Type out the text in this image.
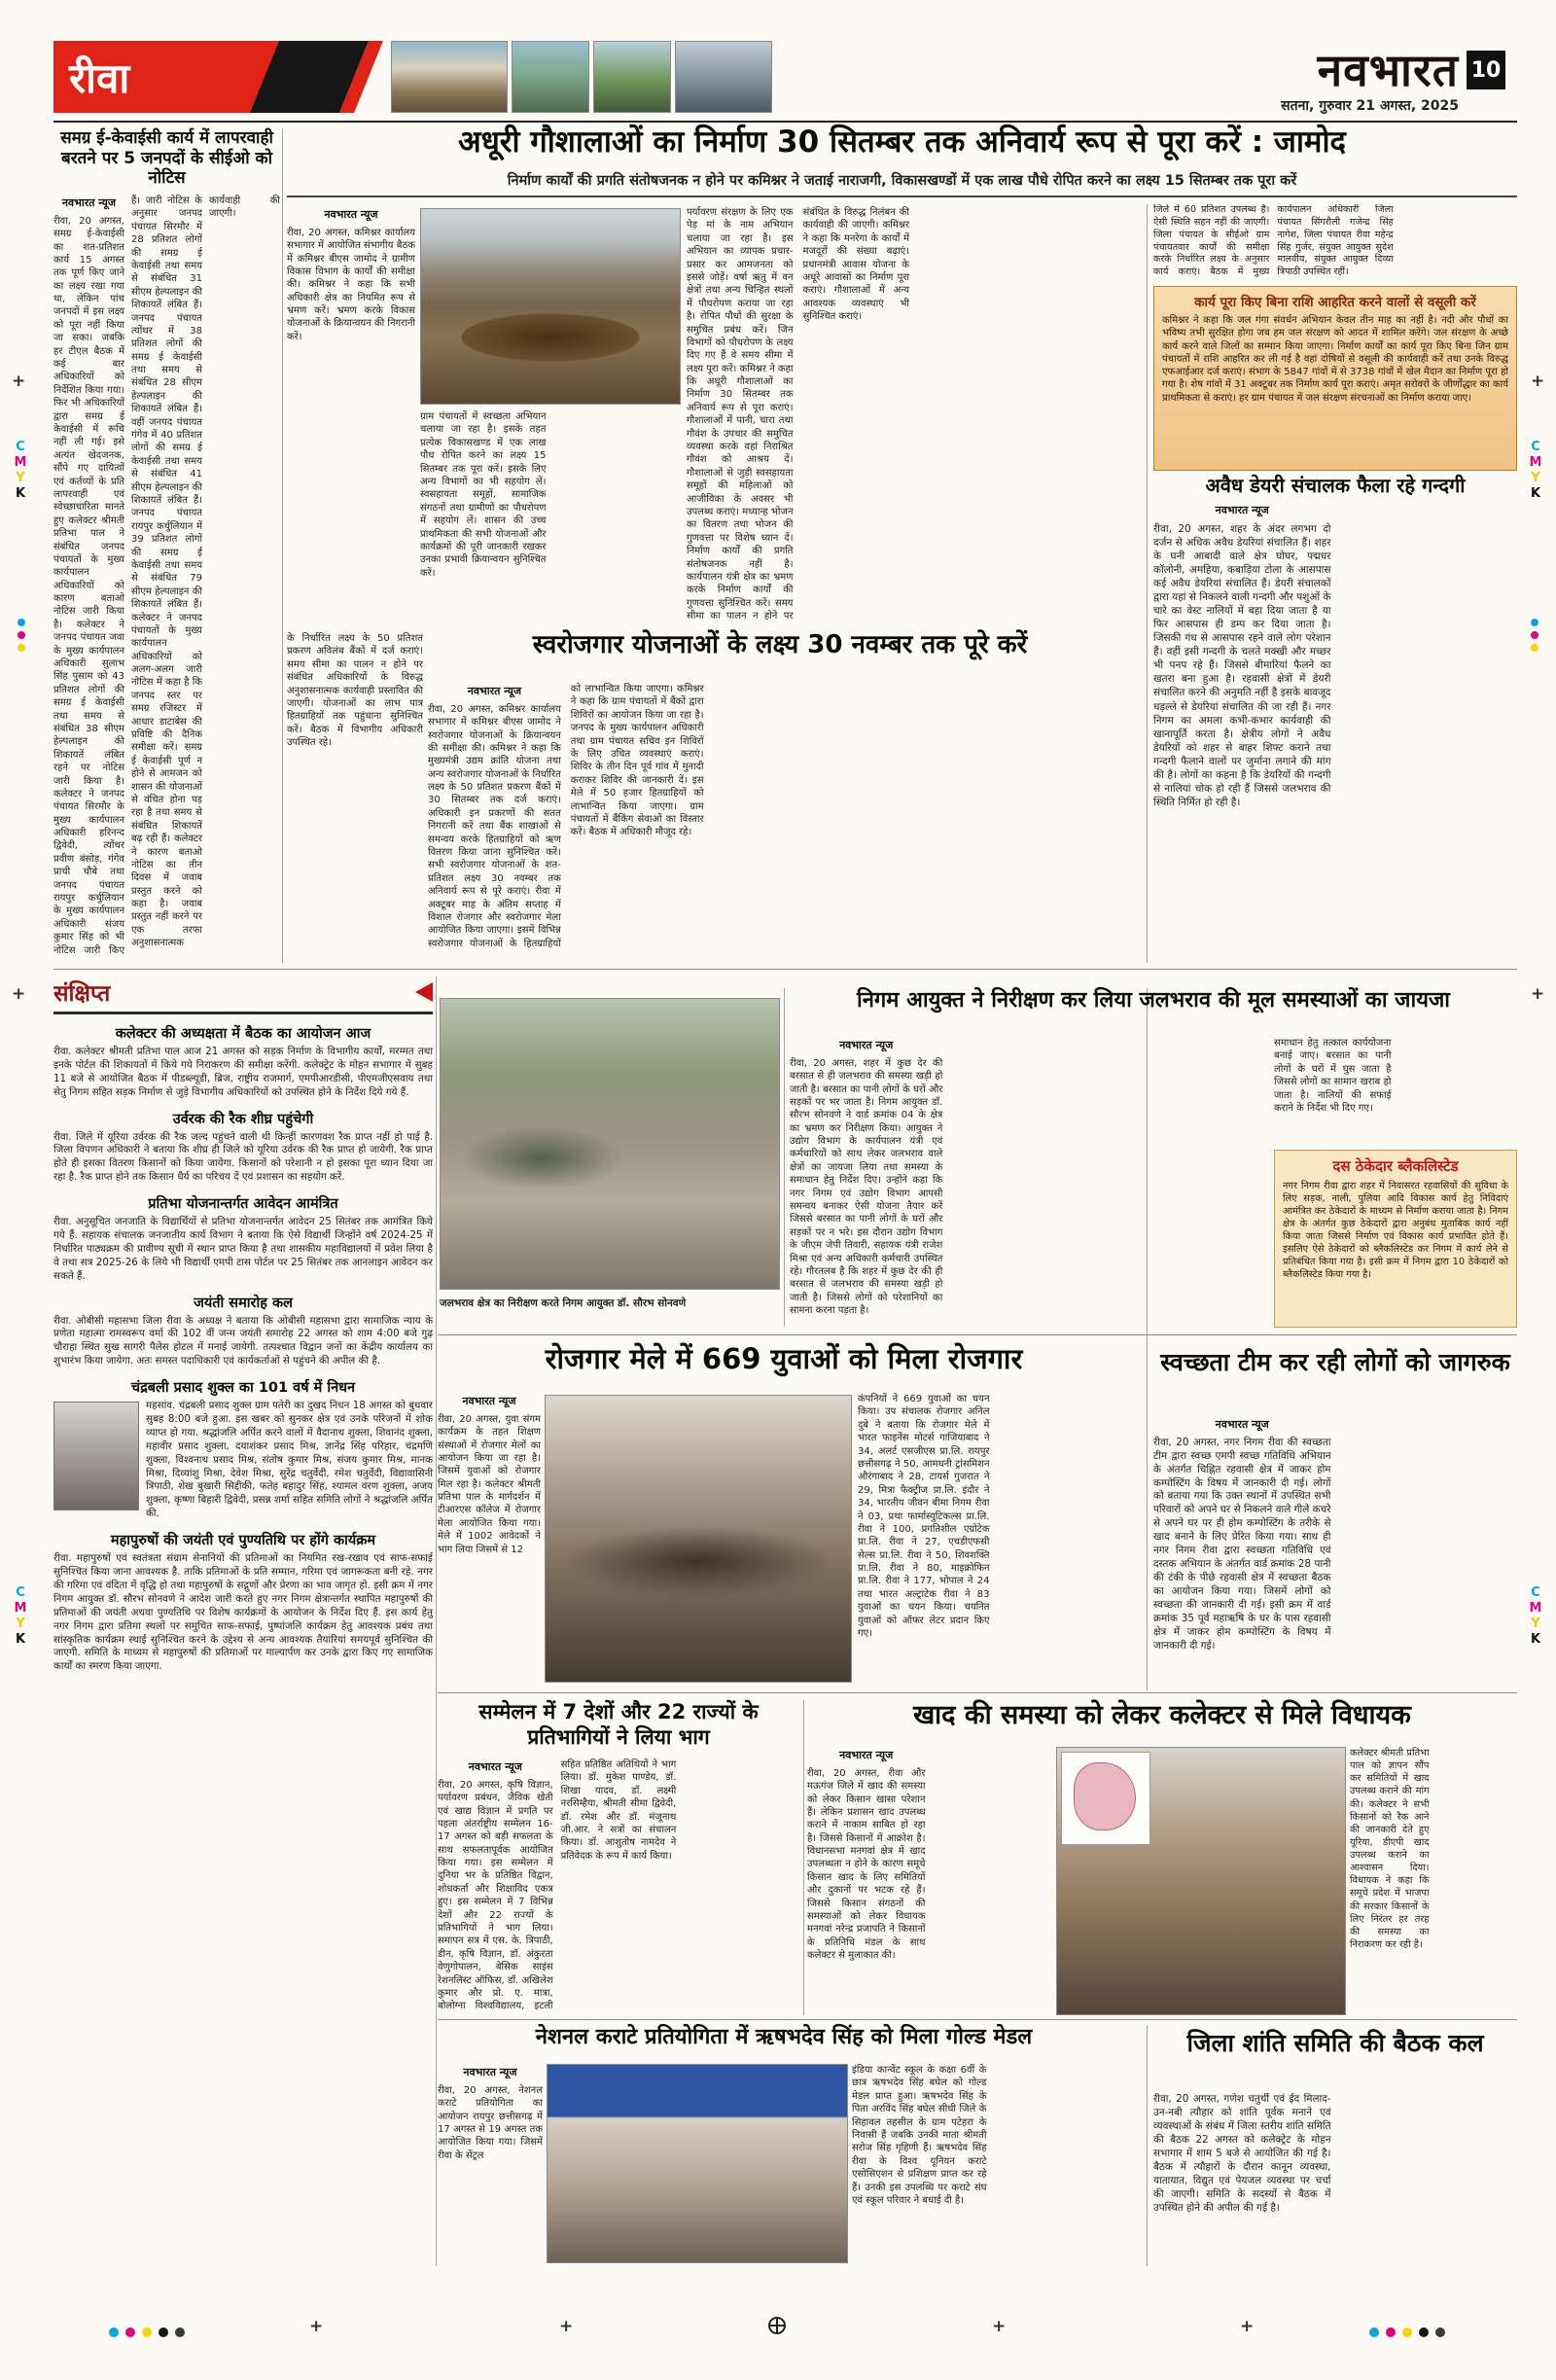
C
M
Y
K
C
M
Y
K
C
M
Y
K
C
M
Y
K
+	+
+	+
रीवा	नवभारत 10
सतना, गुरुवार 21 अगस्त, 2025
समग्र ई-केवाईसी कार्य में लापरवाही बरतने पर 5 जनपदों के सीईओ को नोटिस
नवभारत न्यूज
रीवा, 20 अगस्त, समग्र ई-केवाईसी का शत-प्रतिशत कार्य 15 अगस्त तक पूर्ण किए जाने का लक्ष्य रखा गया था, लेकिन पांच जनपदों में इस लक्ष्य को पूरा नहीं किया जा सका। जबकि हर टीएल बैठक में कई बार अधिकारियों को निर्देशित किया गया। फिर भी अधिकारियों द्वारा समग्र ई केवाईसी में रूचि नहीं ली गई। इसे अत्यंत खेदजनक, सौंपे गए दायित्वों एवं कर्तव्यों के प्रति लापरवाही एवं स्वेच्छाचारिता मानते हुए कलेक्टर श्रीमती प्रतिभा पाल ने संबंधित जनपद पंचायतों के मुख्य कार्यपालन अधिकारियों को कारण बताओ नोटिस जारी किया है। कलेक्टर ने जनपद पंचायत जवा के मुख्य कार्यपालन अधिकारी सुलाभ सिंह पुसाम को 43 प्रतिशत लोगों की समग्र ई केवाईसी तथा समय से संबंधित 38 सीएम हेल्पलाइन की शिकायतें लंबित रहने पर नोटिस जारी किया है। कलेक्टर ने जनपद पंचायत सिरमौर के मुख्य कार्यपालन अधिकारी हरिनन्द द्विवेदी, त्योंथर प्रवीण बंसोड़, गंगेव प्राची चौबे तथा जनपद पंचायत रायपुर कर्चुलियान के मुख्य कार्यपालन अधिकारी संजय कुमार सिंह को भी नोटिस जारी किए हैं। जारी नोटिस के अनुसार जनपद पंचायत सिरमौर में 28 प्रतिशत लोगों की समग्र ई केवाईसी तथा समय से संबंधित 31 सीएम हेल्पलाइन की शिकायतें लंबित हैं। जनपद पंचायत त्योंथर में 38 प्रतिशत लोगों की समग्र ई केवाईसी तथा समय से संबंधित 28 सीएम हेल्पलाइन की शिकायतें लंबित हैं। वहीं जनपद पंचायत गंगेव में 40 प्रतिशत लोगों की समग्र ई केवाईसी तथा समय से संबंधित 41 सीएम हेल्पलाइन की शिकायतें लंबित हैं। जनपद पंचायत रायपुर कर्चुलियान में 39 प्रतिशत लोगों की समग्र ई केवाईसी तथा समय से संबंधित 79 सीएम हेल्पलाइन की शिकायतें लंबित हैं। कलेक्टर ने जनपद पंचायतों के मुख्य कार्यपालन अधिकारियों को अलग-अलग जारी नोटिस में कहा है कि जनपद स्तर पर समग्र रजिस्टर में आधार डाटाबेस की प्रविष्टि की दैनिक समीक्षा करें। समग्र ई केवाईसी पूर्ण न होने से आमजन को शासन की योजनाओं से वंचित होना पड़ रहा है तथा समय से संबंधित शिकायतें बढ़ रही हैं। कलेक्टर ने कारण बताओ नोटिस का तीन दिवस में जवाब प्रस्तुत करने को कहा है। जवाब प्रस्तुत नहीं करने पर एक तरफा अनुशासनात्मक कार्यवाही की जाएगी।
अधूरी गौशालाओं का निर्माण 30 सितम्बर तक अनिवार्य रूप से पूरा करें : जामोद
निर्माण कार्यों की प्रगति संतोषजनक न होने पर कमिश्नर ने जताई नाराजगी, विकासखण्डों में एक लाख पौधे रोपित करने का लक्ष्य 15 सितम्बर तक पूरा करें
नवभारत न्यूज
रीवा, 20 अगस्त, कमिश्नर कार्यालय सभागार में आयोजित संभागीय बैठक में कमिश्नर बीएस जामोद ने ग्रामीण विकास विभाग के कार्यों की समीक्षा की। कमिश्नर ने कहा कि सभी अधिकारी क्षेत्र का नियमित रूप से भ्रमण करें। भ्रमण करके विकास योजनाओं के क्रियान्वयन की निगरानी करें।
ग्राम पंचायतों में स्वच्छता अभियान चलाया जा रहा है। इसके तहत प्रत्येक विकासखण्ड में एक लाख पौध रोपित करने का लक्ष्य 15 सितम्बर तक पूरा करें। इसके लिए अन्य विभागों का भी सहयोग लें। स्वसहायता समूहों, सामाजिक संगठनों तथा ग्रामीणों का पौधरोपण में सहयोग लें। शासन की उच्च प्राथमिकता की सभी योजनाओं और कार्यक्रमों की पूरी जानकारी रखकर उनका प्रभावी क्रियान्वयन सुनिश्चित करें।
पर्यावरण संरक्षण के लिए एक पेड़ मां के नाम अभियान चलाया जा रहा है। इस अभियान का व्यापक प्रचार-प्रसार कर आमजनता को इससे जोड़ें। वर्षा ऋतु में वन क्षेत्रों तथा अन्य चिन्हित स्थलों में पौधरोपण कराया जा रहा है। रोपित पौधों की सुरक्षा के समुचित प्रबंध करें। जिन विभागों को पौधरोपण के लक्ष्य दिए गए हैं वे समय सीमा में लक्ष्य पूरा करें। कमिश्नर ने कहा कि अधूरी गौशालाओं का निर्माण 30 सितम्बर तक अनिवार्य रूप से पूरा कराएं। गौशालाओं में पानी, चारा तथा गौवंश के उपचार की समुचित व्यवस्था करके वहां निराश्रित गौवंश को आश्रय दें। गौशालाओं से जुड़ी स्वसहायता समूहों की महिलाओं को आजीविका के अवसर भी उपलब्ध कराएं। मध्यान्ह भोजन का वितरण तथा भोजन की गुणवत्ता पर विशेष ध्यान दें। निर्माण कार्यों की प्रगति संतोषजनक नहीं है। कार्यपालन यंत्री क्षेत्र का भ्रमण करके निर्माण कार्यों की गुणवत्ता सुनिश्चित करें। समय सीमा का पालन न होने पर संबंधित के विरुद्ध निलंबन की कार्यवाही की जाएगी। कमिश्नर ने कहा कि मनरेगा के कार्यों में मजदूरों की संख्या बढ़ाएं। प्रधानमंत्री आवास योजना के अधूरे आवासों का निर्माण पूरा कराएं। गौशालाओं में अन्य आवश्यक व्यवस्थाएं भी सुनिश्चित कराएं।
जिले में 60 प्रतिशत उपलब्ध है। ऐसी स्थिति सहन नहीं की जाएगी। जिला पंचायत के सीईओ ग्राम पंचायतवार कार्यों की समीक्षा करके निर्धारित लक्ष्य के अनुसार कार्य कराएं। बैठक में मुख्य कार्यपालन अधिकारी जिला पंचायत सिंगरौली गजेन्द्र सिंह नागेश, जिला पंचायत रीवा महेन्द्र सिंह गुर्जर, संयुक्त आयुक्त सुदेश मालवीय, संयुक्त आयुक्त दिव्या त्रिपाठी उपस्थित रहीं।
कार्य पूरा किए बिना राशि आहरित करने वालों से वसूली करें
कमिश्नर ने कहा कि जल गंगा संवर्धन अभियान केवल तीन माह का नहीं है। नदी और पौधों का भविष्य तभी सुरक्षित होगा जब हम जल संरक्षण को आदत में शामिल करेंगे। जल संरक्षण के अच्छे कार्य करने वाले जिलों का सम्मान किया जाएगा। निर्माण कार्यों का कार्य पूरा किए बिना जिन ग्राम पंचायतों में राशि आहरित कर ली गई है वहां दोषियों से वसूली की कार्यवाही करें तथा उनके विरुद्ध एफआईआर दर्ज कराएं। संभाग के 5847 गांवों में से 3738 गांवों में खेल मैदान का निर्माण पूरा हो गया है। शेष गांवों में 31 अक्टूबर तक निर्माण कार्य पूरा कराएं। अमृत सरोवरों के जीर्णोद्धार का कार्य प्राथमिकता से कराएं। हर ग्राम पंचायत में जल संरक्षण संरचनाओं का निर्माण कराया जाए।
के निर्धारित लक्ष्य के 50 प्रतिशत प्रकरण अविलंब बैंकों में दर्ज कराएं। समय सीमा का पालन न होने पर संबंधित अधिकारियों के विरुद्ध अनुशासनात्मक कार्यवाही प्रस्तावित की जाएगी। योजनाओं का लाभ पात्र हितग्राहियों तक पहुंचाना सुनिश्चित करें। बैठक में विभागीय अधिकारी उपस्थित रहे।
स्वरोजगार योजनाओं के लक्ष्य 30 नवम्बर तक पूरे करें
नवभारत न्यूज
रीवा, 20 अगस्त, कमिश्नर कार्यालय सभागार में कमिश्नर बीएस जामोद ने स्वरोजगार योजनाओं के क्रियान्वयन की समीक्षा की। कमिश्नर ने कहा कि मुख्यमंत्री उद्यम क्रांति योजना तथा अन्य स्वरोजगार योजनाओं के निर्धारित लक्ष्य के 50 प्रतिशत प्रकरण बैंकों में 30 सितम्बर तक दर्ज कराएं। अधिकारी इन प्रकरणों की सतत निगरानी करें तथा बैंक शाखाओं से समन्वय करके हितग्राहियों को ऋण वितरण किया जाना सुनिश्चित करें। सभी स्वरोजगार योजनाओं के शत-प्रतिशत लक्ष्य 30 नवम्बर तक अनिवार्य रूप से पूरे कराएं। रीवा में अक्टूबर माह के अंतिम सप्ताह में विशाल रोजगार और स्वरोजगार मेला आयोजित किया जाएगा। इसमें विभिन्न स्वरोजगार योजनाओं के हितग्राहियों को लाभान्वित किया जाएगा। कमिश्नर ने कहा कि ग्राम पंचायतों में बैंकों द्वारा शिविरों का आयोजन किया जा रहा है। जनपद के मुख्य कार्यपालन अधिकारी तथा ग्राम पंचायत सचिव इन शिविरों के लिए उचित व्यवस्थाएं कराएं। शिविर के तीन दिन पूर्व गांव में मुनादी कराकर शिविर की जानकारी दें। इस मेले में 50 हजार हितग्राहियों को लाभान्वित किया जाएगा। ग्राम पंचायतों में बैंकिंग सेवाओं का विस्तार करें। बैठक में अधिकारी मौजूद रहे।
अवैध डेयरी संचालक फैला रहे गन्दगी
नवभारत न्यूज
रीवा, 20 अगस्त, शहर के अंदर लगभग दो दर्जन से अधिक अवैध डेयरियां संचालित हैं। शहर के घनी आबादी वाले क्षेत्र घोघर, पद्मधर कॉलोनी, अमहिया, कबाड़िया टोला के आसपास कई अवैध डेयरियां संचालित हैं। डेयरी संचालकों द्वारा यहां से निकलने वाली गन्दगी और पशुओं के चारे का वेस्ट नालियों में बहा दिया जाता है या फिर आसपास ही डम्प कर दिया जाता है। जिसकी गंध से आसपास रहने वाले लोग परेशान हैं। वहीं इसी गन्दगी के चलते मक्खी और मच्छर भी पनप रहे हैं। जिससे बीमारियां फैलने का खतरा बना हुआ है। रहवासी क्षेत्रों में डेयरी संचालित करने की अनुमति नहीं है इसके बावजूद धड़ल्ले से डेयरियां संचालित की जा रही हैं। नगर निगम का अमला कभी-कभार कार्यवाही की खानापूर्ति करता है। क्षेत्रीय लोगों ने अवैध डेयरियों को शहर से बाहर शिफ्ट कराने तथा गन्दगी फैलाने वालों पर जुर्माना लगाने की मांग की है। लोगों का कहना है कि डेयरियों की गन्दगी से नालियां चोक हो रही हैं जिससे जलभराव की स्थिति निर्मित हो रही है।
संक्षिप्त
कलेक्टर की अध्यक्षता में बैठक का आयोजन आज
रीवा. कलेक्टर श्रीमती प्रतिभा पाल आज 21 अगस्त को सड़क निर्माण के विभागीय कार्यों, मरम्मत तथा इनके पोर्टल की शिकायतों में किये गये निराकरण की समीक्षा करेंगी. कलेक्ट्रेट के मोहन सभागार में सुबह 11 बजे से आयोजित बैठक में पीडब्ल्यूडी, ब्रिज, राष्ट्रीय राजमार्ग, एमपीआरडीसी, पीएमजीएसवाय तथा सेतु निगम सहित सड़क निर्माण से जुड़े विभागीय अधिकारियों को उपस्थित होने के निर्देश दिये गये हैं.
उर्वरक की रैक शीघ्र पहुंचेगी
रीवा. जिले में यूरिया उर्वरक की रैक जल्द पहुंचने वाली थी किन्हीं कारणवश रैक प्राप्त नहीं हो पाई है. जिला विपणन अधिकारी ने बताया कि शीघ्र ही जिले को यूरिया उर्वरक की रैक प्राप्त हो जायेगी. रैक प्राप्त होते ही इसका वितरण किसानों को किया जायेगा. किसानों को परेशानी न हो इसका पूरा ध्यान दिया जा रहा है. रैक प्राप्त होने तक किसान धैर्य का परिचय दें एवं प्रशासन का सहयोग करें.
प्रतिभा योजनान्तर्गत आवेदन आमंत्रित
रीवा. अनुसूचित जनजाति के विद्यार्थियों से प्रतिभा योजनान्तर्गत आवेदन 25 सितंबर तक आमंत्रित किये गये हैं. सहायक संचालक जनजातीय कार्य विभाग ने बताया कि ऐसे विद्यार्थी जिन्होंने वर्ष 2024-25 में निर्धारित पाठ्यक्रम की प्रावीण्य सूची में स्थान प्राप्त किया है तथा शासकीय महाविद्यालयों में प्रवेश लिया है वे तथा सत्र 2025-26 के लिये भी विद्यार्थी एमपी टास पोर्टल पर 25 सितंबर तक आनलाइन आवेदन कर सकते हैं.
जयंती समारोह कल
रीवा. ओबीसी महासभा जिला रीवा के अध्यक्ष ने बताया कि ओबीसी महासभा द्वारा सामाजिक न्याय के प्रणेता महात्मा रामस्वरूप वर्मा की 102 वीं जन्म जयंती समारोह 22 अगस्त को शाम 4:00 बजे गुढ़ चौराहा स्थित सुख सागरी पैलेस होटल में मनाई जायेगी. तत्पश्चात विद्वान जनों का केंद्रीय कार्यालय का शुभारंभ किया जायेगा. अतः समस्त पदाधिकारी एवं कार्यकर्ताओं से पहुंचने की अपील की है.
चंद्रबली प्रसाद शुक्ल का 101 वर्ष में निधन
महसांव. चंद्रबली प्रसाद शुक्ल ग्राम पतेरी का दुखद निधन 18 अगस्त को बुधवार सुबह 8:00 बजे हुआ. इस खबर को सुनकर क्षेत्र एवं उनके परिजनों में शोक व्याप्त हो गया. श्रद्धांजलि अर्पित करने वालों में वैदानाथ शुक्ला, शिवानंद शुक्ला, महावीर प्रसाद शुक्ला, दयाशंकर प्रसाद मिश्र, ज्ञानेंद्र सिंह परिहार, चंद्रमणि शुक्ला, विश्वनाथ प्रसाद मिश्र, संतोष कुमार मिश्र, संजय कुमार मिश्र, मानक मिश्रा, दिव्यांशु मिश्रा, देवेश मिश्रा, सुरेंद्र चतुर्वेदी, रमेश चतुर्वेदी, विद्यावासिनी त्रिपाठी, शेख बुखारी सिद्दीकी, फतेह बहादुर सिंह, श्यामल वरण शुक्ला, अजय शुक्ला, कृष्णा बिहारी द्विवेदी, प्रसन्न शर्मा सहित समिति लोगों ने श्रद्धांजलि अर्पित की.
महापुरुषों की जयंती एवं पुण्यतिथि पर होंगे कार्यक्रम
रीवा. महापुरुषों एवं स्वतंत्रता संग्राम सेनानियों की प्रतिमाओं का नियमित रख-रखाव एवं साफ-सफाई सुनिश्चित किया जाना आवश्यक है. ताकि प्रतिमाओं के प्रति सम्मान, गरिमा एवं जागरूकता बनी रहे. नगर की गरिमा एवं वंदिता में वृद्धि हो तथा महापुरुषों के सद्गुणों और प्रेरणा का भाव जागृत हो. इसी क्रम में नगर निगम आयुक्त डॉ. सौरभ सोनवणे ने आदेश जारी करते हुए नगर निगम क्षेत्रान्तर्गत स्थापित महापुरुषों की प्रतिमाओं की जयंती अथवा पुण्यतिथि पर विशेष कार्यक्रमों के आयोजन के निर्देश दिए हैं. इस कार्य हेतु नगर निगम द्वारा प्रतिमा स्थलों पर समुचित साफ-सफाई, पुष्पांजलि कार्यक्रम हेतु आवश्यक प्रबंध तथा सांस्कृतिक कार्यक्रम स्थाई सुनिश्चित करने के उद्देश्य से अन्य आवश्यक तैयारियां समयपूर्व सुनिश्चित की जाएगी. समिति के माध्यम से महापुरुषों की प्रतिमाओं पर माल्यार्पण कर उनके द्वारा किए गए सामाजिक कार्यों का स्मरण किया जाएगा.
जलभराव क्षेत्र का निरीक्षण करते निगम आयुक्त डॉ. सौरभ सोनवणे
निगम आयुक्त ने निरीक्षण कर लिया जलभराव की मूल समस्याओं का जायजा
नवभारत न्यूज
रीवा, 20 अगस्त, शहर में कुछ देर की बरसात से ही जलभराव की समस्या खड़ी हो जाती है। बरसात का पानी लोगों के घरों और सड़कों पर भर जाता है। निगम आयुक्त डॉ. सौरभ सोनवणे ने वार्ड क्रमांक 04 के क्षेत्र का भ्रमण कर निरीक्षण किया। आयुक्त ने उद्योग विभाग के कार्यपालन यंत्री एवं कर्मचारियों को साथ लेकर जलभराव वाले क्षेत्रों का जायजा लिया तथा समस्या के समाधान हेतु निर्देश दिए। उन्होंने कहा कि नगर निगम एवं उद्योग विभाग आपसी समन्वय बनाकर ऐसी योजना तैयार करें जिससे बरसात का पानी लोगों के घरों और सड़कों पर न भरे। इस दौरान उद्योग विभाग के जीएम जेपी तिवारी, सहायक यंत्री राजेश मिश्रा एवं अन्य अधिकारी कर्मचारी उपस्थित रहे। गौरतलब है कि शहर में कुछ देर की ही बरसात से जलभराव की समस्या खड़ी हो जाती है। जिससे लोगों को परेशानियों का सामना करना पड़ता है।
समाधान हेतु तत्काल कार्ययोजना बनाई जाए। बरसात का पानी लोगों के घरों में घुस जाता है जिससे लोगों का सामान खराब हो जाता है। नालियों की सफाई कराने के निर्देश भी दिए गए।
दस ठेकेदार ब्लैकलिस्टेड
नगर निगम रीवा द्वारा शहर में निवासरत रहवासियों की सुविधा के लिए सड़क, नाली, पुलिया आदि विकास कार्य हेतु निविदाएं आमंत्रित कर ठेकेदारों के माध्यम से निर्माण कराया जाता है। निगम क्षेत्र के अंतर्गत कुछ ठेकेदारों द्वारा अनुबंध मुताबिक कार्य नहीं किया जाता जिससे निर्माण एवं विकास कार्य प्रभावित होते हैं। इसलिए ऐसे ठेकेदारों को ब्लैकलिस्टेड कर निगम में कार्य लेने से प्रतिबंधित किया गया है। इसी क्रम में निगम द्वारा 10 ठेकेदारों को ब्लैकलिस्टेड किया गया है।
रोजगार मेले में 669 युवाओं को मिला रोजगार
नवभारत न्यूज
रीवा, 20 अगस्त, युवा संगम कार्यक्रम के तहत शिक्षण संस्थाओं में रोजगार मेलों का आयोजन किया जा रहा है। जिसमें युवाओं को रोजगार मिल रहा है। कलेक्टर श्रीमती प्रतिभा पाल के मार्गदर्शन में टीआरएस कॉलेज में रोजगार मेला आयोजित किया गया। मेले में 1002 आवेदकों ने भाग लिया जिसमें से 12
कंपनियों ने 669 युवाओं का चयन किया। उप संचालक रोजगार अनिल दुबे ने बताया कि रोजगार मेले में भारत फाइनेंस मोटर्स गाजियाबाद ने 34, अलर्ट एसजीएस प्रा.लि. रायपुर छत्तीसगढ़ ने 50, आमधनी ट्रांसमिशन औरंगाबाद ने 28, टायर्स गुजरात ने 29, मित्रा फैक्ट्रीज प्रा.लि. इंदौर ने 34, भारतीय जीवन बीमा निगम रीवा ने 03, प्रथा फार्मास्युटिकल्स प्रा.लि. रीवा ने 100, प्रगतिशील एग्रोटेक प्रा.लि. रीवा ने 27, एचडीएफसी सेल्स प्रा.लि. रीवा ने 50, शिवशक्ति प्रा.लि. रीवा ने 80, माइक्रोफिन प्रा.लि. रीवा ने 177, भोपाल ने 24 तथा भारत अल्ट्राटेक रीवा ने 83 युवाओं का चयन किया। चयनित युवाओं को ऑफर लेटर प्रदान किए गए।
स्वच्छता टीम कर रही लोगों को जागरुक
नवभारत न्यूज
रीवा, 20 अगस्त, नगर निगम रीवा की स्वच्छता टीम द्वारा स्वच्छ एमपी स्वच्छ गतिविधि अभियान के अंतर्गत चिह्नित रहवासी क्षेत्र में जाकर होम कम्पोस्टिंग के विषय में जानकारी दी गई। लोगों को बताया गया कि उक्त स्थानों में उपस्थित सभी परिवारों को अपने घर से निकलने वाले गीले कचरे से अपने घर पर ही होम कम्पोस्टिंग के तरीके से खाद बनाने के लिए प्रेरित किया गया। साथ ही नगर निगम रीवा द्वारा स्वच्छता गतिविधि एवं दस्तक अभियान के अंतर्गत वार्ड क्रमांक 28 पानी की टंकी के पीछे रहवासी क्षेत्र में स्वच्छता बैठक का आयोजन किया गया। जिसमें लोगों को स्वच्छता की जानकारी दी गई। इसी क्रम में वार्ड क्रमांक 35 पूर्व महाऋषि के घर के पास रहवासी क्षेत्र में जाकर होम कम्पोस्टिंग के विषय में जानकारी दी गई।
सम्मेलन में 7 देशों और 22 राज्यों के प्रतिभागियों ने लिया भाग
नवभारत न्यूज
रीवा, 20 अगस्त, कृषि विज्ञान, पर्यावरण प्रबंधन, जैविक खेती एवं खाद्य विज्ञान में प्रगति पर पहला अंतर्राष्ट्रीय सम्मेलन 16-17 अगस्त को बड़ी सफलता के साथ सफलतापूर्वक आयोजित किया गया। इस सम्मेलन में दुनिया भर के प्रतिष्ठित विद्वान, शोधकर्ता और शिक्षाविद एकत्र हुए। इस सम्मेलन में 7 विभिन्न देशों और 22 राज्यों के प्रतिभागियों ने भाग लिया। समापन सत्र में एस. के. त्रिपाठी, डीन, कृषि विज्ञान, डॉ. अंकुरता वेणुगोपालन, बेसिक साइंस रेशनलिस्ट ऑफिस, डॉ. अखिलेश कुमार और प्रो. ए. मात्रा, बोलोग्ना विश्वविद्यालय, इटली सहित प्रतिष्ठित अतिथियों ने भाग लिया। डॉ. मुकेश पाण्डेय, डॉ. शिखा यादव, डॉ. लक्ष्मी नरसिम्हैया, श्रीमती सीमा द्विवेदी, डॉ. रमेश और डॉ. मंजूनाथ जी.आर. ने सत्रों का संचालन किया। डॉ. आशुतोष नामदेव ने प्रतिवेदक के रूप में कार्य किया।
खाद की समस्या को लेकर कलेक्टर से मिले विधायक
नवभारत न्यूज
रीवा, 20 अगस्त, रीवा और मऊगंज जिले में खाद की समस्या को लेकर किसान खासा परेशान हैं। लेकिन प्रशासन खाद उपलब्ध कराने में नाकाम साबित हो रहा है। जिससे किसानों में आक्रोश है। विधानसभा मनगवां क्षेत्र में खाद उपलब्धता न होने के कारण समूचे किसान खाद के लिए समितियों और दुकानों पर भटक रहे हैं। जिससे किसान संगठनों की समस्याओं को लेकर विधायक मनगवां नरेन्द्र प्रजापति ने किसानों के प्रतिनिधि मंडल के साथ कलेक्टर से मुलाकात की।
कलेक्टर श्रीमती प्रतिभा पाल को ज्ञापन सौंप कर समितियों में खाद उपलब्ध कराने की मांग की। कलेक्टर ने सभी किसानों को रैक आने की जानकारी देते हुए यूरिया, डीएपी खाद उपलब्ध कराने का आश्वासन दिया। विधायक ने कहा कि समूचे प्रदेश में भाजपा की सरकार किसानों के लिए निरंतर हर तरह की समस्या का निराकरण कर रही है।
नेशनल कराटे प्रतियोगिता में ऋषभदेव सिंह को मिला गोल्ड मेडल
नवभारत न्यूज
रीवा, 20 अगस्त, नेशनल कराटे प्रतियोगिता का आयोजन रायपुर छत्तीसगढ़ में 17 अगस्त से 19 अगस्त तक आयोजित किया गया। जिसमें रीवा के सेंट्रल
इंडिया कान्वेंट स्कूल के कक्षा 6वीं के छात्र ऋषभदेव सिंह बघेल को गोल्ड मेडल प्राप्त हुआ। ऋषभदेव सिंह के पिता अरविंद सिंह बघेल सीधी जिले के सिहावल तहसील के ग्राम पटेहरा के निवासी हैं जबकि उनकी माता श्रीमती सरोज सिंह गृहिणी हैं। ऋषभदेव सिंह रीवा के विश्व यूनियन कराटे एसोसिएशन से प्रशिक्षण प्राप्त कर रहे हैं। उनकी इस उपलब्धि पर कराटे संघ एवं स्कूल परिवार ने बधाई दी है।
जिला शांति समिति की बैठक कल
रीवा, 20 अगस्त, गणेश चतुर्थी एवं ईद मिलाद-उन-नबी त्यौहार को शांति पूर्वक मनाने एवं व्यवस्थाओं के संबंध में जिला स्तरीय शांति समिति की बैठक 22 अगस्त को कलेक्ट्रेट के मोहन सभागार में शाम 5 बजे से आयोजित की गई है। बैठक में त्यौहारों के दौरान कानून व्यवस्था, यातायात, विद्युत एवं पेयजल व्यवस्था पर चर्चा की जाएगी। समिति के सदस्यों से बैठक में उपस्थित होने की अपील की गई है।
+	+	+	+
